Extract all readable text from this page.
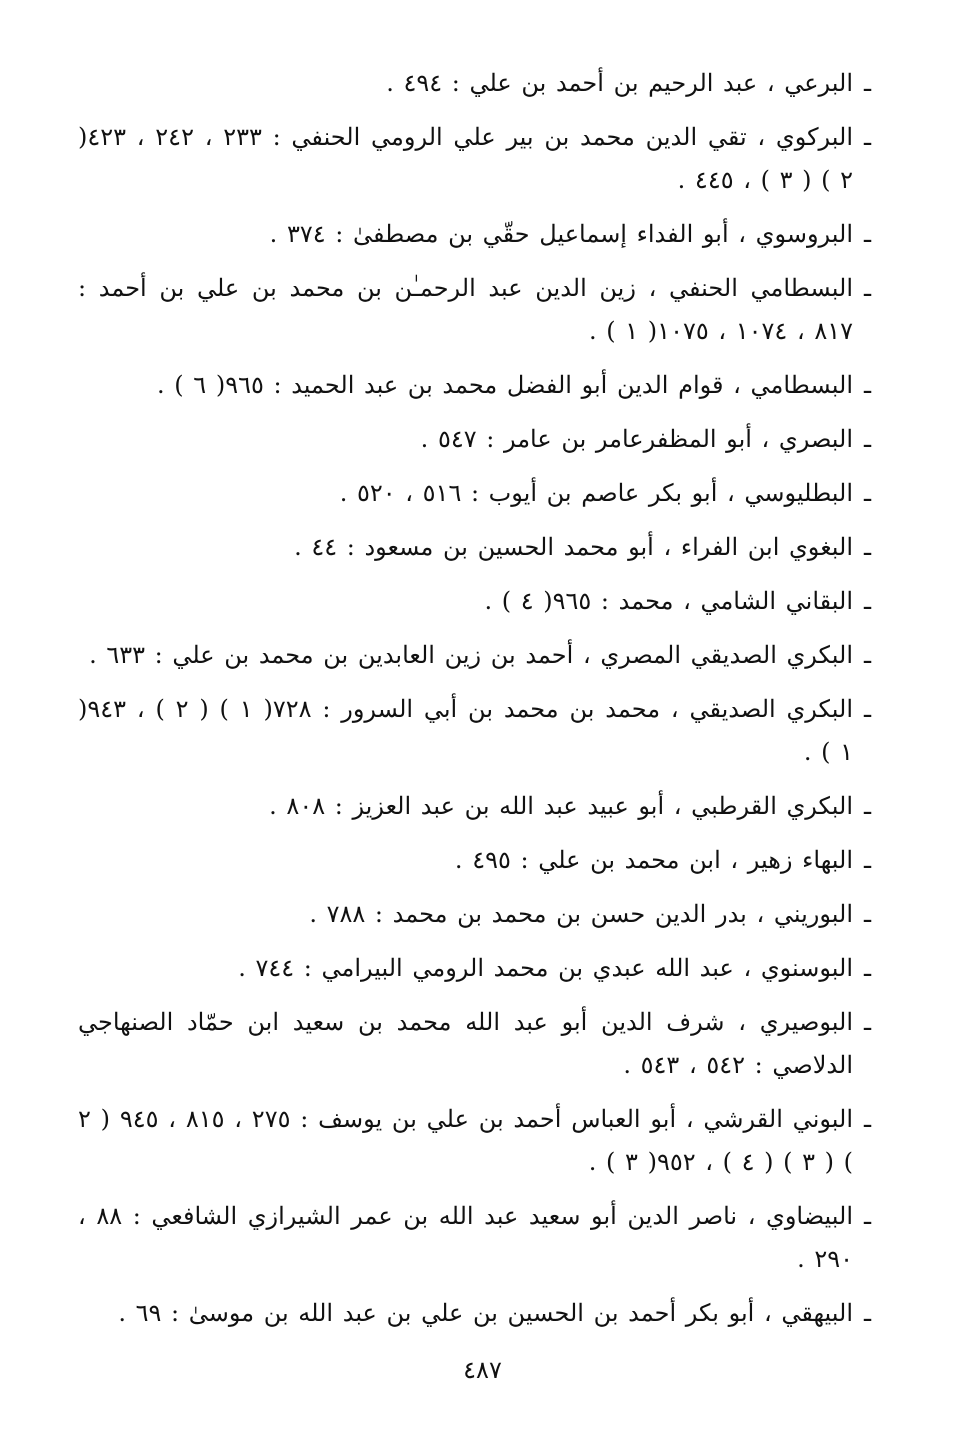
ـ
البرعي ، عبد الرحيم بن أحمد بن علي : ٤٩٤ .
ـ
البركوي ، تقي الدين محمد بن بير علي الرومي الحنفي : ٢٣٣ ، ٢٤٢ ، ٤٢٣( ٢ ) ( ٣ ) ، ٤٤٥ .
ـ
البروسوي ، أبو الفداء إسماعيل حقّي بن مصطفىٰ : ٣٧٤ .
ـ
البسطامي الحنفي ، زين الدين عبد الرحمـٰن بن محمد بن علي بن أحمد : ٨١٧ ، ١٠٧٤ ، ١٠٧٥( ١ ) .
ـ
البسطامي ، قوام الدين أبو الفضل محمد بن عبد الحميد : ٩٦٥( ٦ ) .
ـ
البصري ، أبو المظفرعامر بن عامر : ٥٤٧ .
ـ
البطليوسي ، أبو بكر عاصم بن أيوب : ٥١٦ ، ٥٢٠ .
ـ
البغوي ابن الفراء ، أبو محمد الحسين بن مسعود : ٤٤ .
ـ
البقاني الشامي ، محمد : ٩٦٥( ٤ ) .
ـ
البكري الصديقي المصري ، أحمد بن زين العابدين بن محمد بن علي : ٦٣٣ .
ـ
البكري الصديقي ، محمد بن محمد بن أبي السرور : ٧٢٨( ١ ) ( ٢ ) ، ٩٤٣( ١ ) .
ـ
البكري القرطبي ، أبو عبيد عبد الله بن عبد العزيز : ٨٠٨ .
ـ
البهاء زهير ، ابن محمد بن علي : ٤٩٥ .
ـ
البوريني ، بدر الدين حسن بن محمد بن محمد : ٧٨٨ .
ـ
البوسنوي ، عبد الله عبدي بن محمد الرومي البيرامي : ٧٤٤ .
ـ
البوصيري ، شرف الدين أبو عبد الله محمد بن سعيد ابن حمّاد الصنهاجي الدلاصي : ٥٤٢ ، ٥٤٣ .
ـ
البوني القرشي ، أبو العباس أحمد بن علي بن يوسف : ٢٧٥ ، ٨١٥ ، ٩٤٥ ( ٢ ) ( ٣ ) ( ٤ ) ، ٩٥٢( ٣ ) .
ـ
البيضاوي ، ناصر الدين أبو سعيد عبد الله بن عمر الشيرازي الشافعي : ٨٨ ، ٢٩٠ .
ـ
البيهقي ، أبو بكر أحمد بن الحسين بن علي بن عبد الله بن موسىٰ : ٦٩ .
٤٨٧
